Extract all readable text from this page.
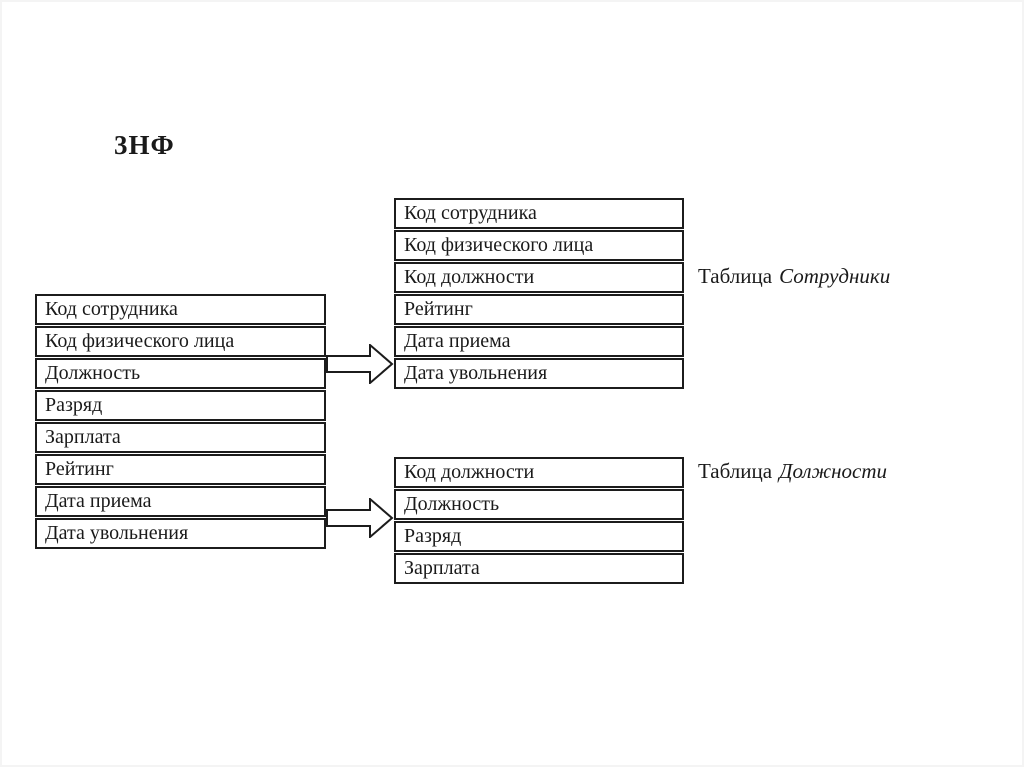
3НФ
Код сотрудника
Код физического лица
Должность
Разряд
Зарплата
Рейтинг
Дата приема
Дата увольнения
Код сотрудника
Код физического лица
Код должности
Рейтинг
Дата приема
Дата увольнения
Таблица Сотрудники
Код должности
Должность
Разряд
Зарплата
Таблица Должности
